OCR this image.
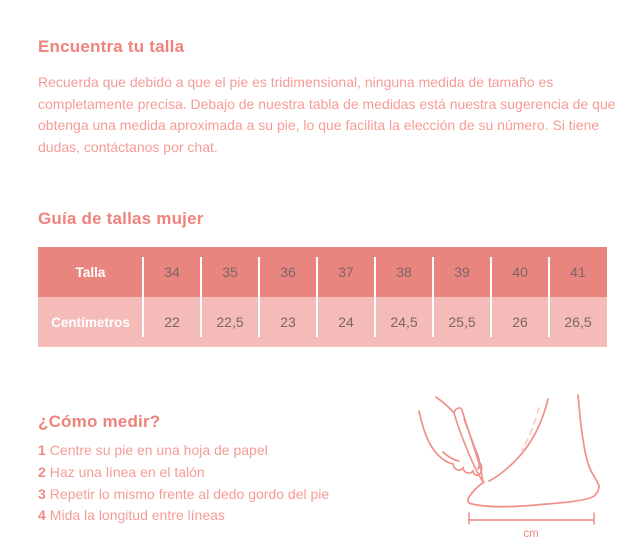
Encuentra tu talla

Recuerda que debido a que el pie es tridimensional, ninguna medida de tamaño es completamente precisa. Debajo de nuestra tabla de medidas está nuestra sugerencia de que obtenga una medida aproximada a su pie, lo que facilita la elección de su número. Si tiene dudas, contáctanos por chat.

Guía de tallas mujer
Talla	34	35	36	37	38	39	40	41
Centímetros	22	22,5	23	24	24,5	25,5	26	26,5
¿Cómo medir?
1 Centre su pie en una hoja de papel
2 Haz una línea en el talón
3 Repetir lo mismo frente al dedo gordo del pie
4 Mida la longitud entre líneas
cm
